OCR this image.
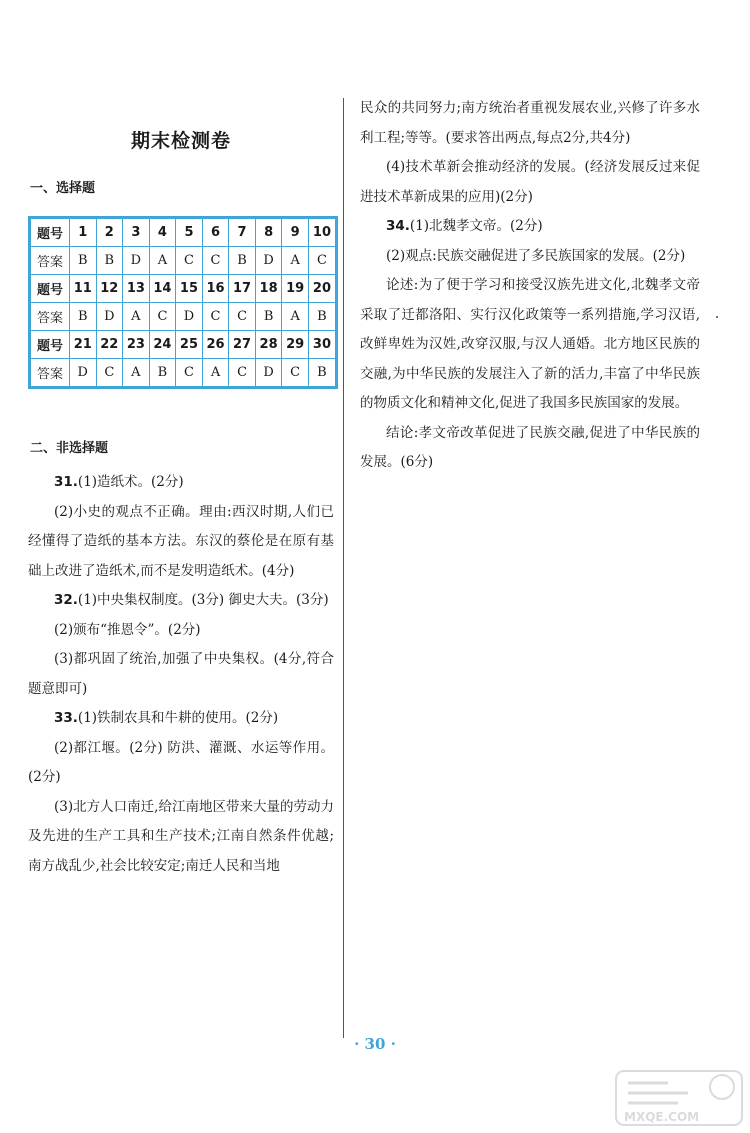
期末检测卷
一、选择题
题号	1	2	3	4	5	6	7	8	9	10
答案	B	B	D	A	C	C	B	D	A	C
题号	11	12	13	14	15	16	17	18	19	20
答案	B	D	A	C	D	C	C	B	A	B
题号	21	22	23	24	25	26	27	28	29	30
答案	D	C	A	B	C	A	C	D	C	B
二、非选择题
31.(1)造纸术。(2分)
(2)小史的观点不正确。理由:西汉时期,人们已经懂得了造纸的基本方法。东汉的蔡伦是在原有基础上改进了造纸术,而不是发明造纸术。(4分)
32.(1)中央集权制度。(3分) 御史大夫。(3分)
(2)颁布“推恩令”。(2分)
(3)都巩固了统治,加强了中央集权。(4分,符合题意即可)
33.(1)铁制农具和牛耕的使用。(2分)
(2)都江堰。(2分) 防洪、灌溉、水运等作用。(2分)
(3)北方人口南迁,给江南地区带来大量的劳动力及先进的生产工具和生产技术;江南自然条件优越;南方战乱少,社会比较安定;南迁人民和当地
民众的共同努力;南方统治者重视发展农业,兴修了许多水利工程;等等。(要求答出两点,每点2分,共4分)
(4)技术革新会推动经济的发展。(经济发展反过来促进技术革新成果的应用)(2分)
34.(1)北魏孝文帝。(2分)
(2)观点:民族交融促进了多民族国家的发展。(2分)
论述:为了便于学习和接受汉族先进文化,北魏孝文帝采取了迁都洛阳、实行汉化政策等一系列措施,学习汉语,改鲜卑姓为汉姓,改穿汉服,与汉人通婚。北方地区民族的交融,为中华民族的发展注入了新的活力,丰富了中华民族的物质文化和精神文化,促进了我国多民族国家的发展。
结论:孝文帝改革促进了民族交融,促进了中华民族的发展。(6分)
· 30 ·
MXQE.COM
